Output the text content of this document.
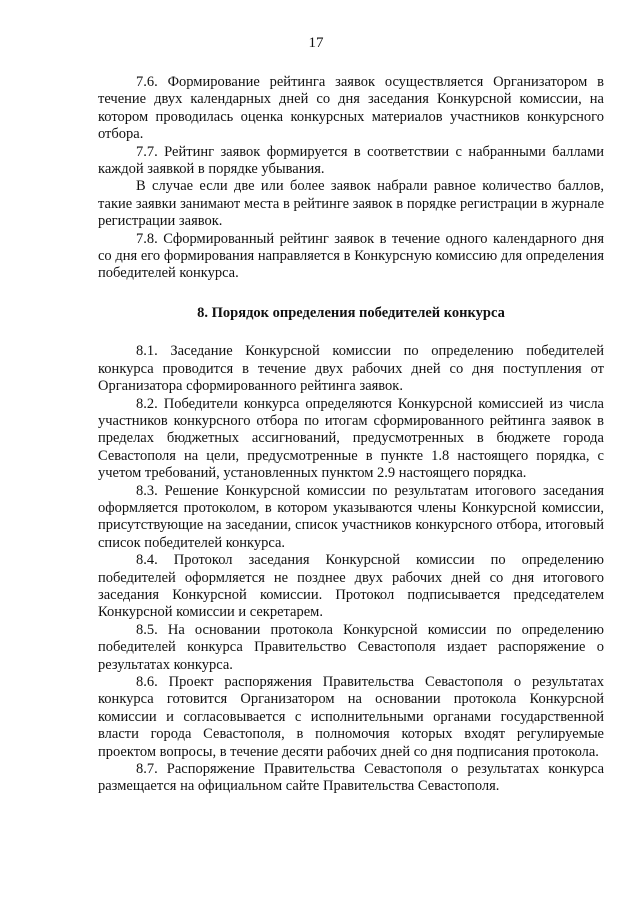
17

7.6. Формирование рейтинга заявок осуществляется Организатором в течение двух календарных дней со дня заседания Конкурсной комиссии, на котором проводилась оценка конкурсных материалов участников конкурсного отбора.

7.7. Рейтинг заявок формируется в соответствии с набранными баллами каждой заявкой в порядке убывания.

В случае если две или более заявок набрали равное количество баллов, такие заявки занимают места в рейтинге заявок в порядке регистрации в журнале регистрации заявок.

7.8. Сформированный рейтинг заявок в течение одного календарного дня со дня его формирования направляется в Конкурсную комиссию для определения победителей конкурса.

8. Порядок определения победителей конкурса

8.1. Заседание Конкурсной комиссии по определению победителей конкурса проводится в течение двух рабочих дней со дня поступления от Организатора сформированного рейтинга заявок.

8.2. Победители конкурса определяются Конкурсной комиссией из числа участников конкурсного отбора по итогам сформированного рейтинга заявок в пределах бюджетных ассигнований, предусмотренных в бюджете города Севастополя на цели, предусмотренные в пункте 1.8 настоящего порядка, с учетом требований, установленных пунктом 2.9 настоящего порядка.

8.3. Решение Конкурсной комиссии по результатам итогового заседания оформляется протоколом, в котором указываются члены Конкурсной комиссии, присутствующие на заседании, список участников конкурсного отбора, итоговый список победителей конкурса.

8.4. Протокол заседания Конкурсной комиссии по определению победителей оформляется не позднее двух рабочих дней со дня итогового заседания Конкурсной комиссии. Протокол подписывается председателем Конкурсной комиссии и секретарем.

8.5. На основании протокола Конкурсной комиссии по определению победителей конкурса Правительство Севастополя издает распоряжение о результатах конкурса.

8.6. Проект распоряжения Правительства Севастополя о результатах конкурса готовится Организатором на основании протокола Конкурсной комиссии и согласовывается с исполнительными органами государственной власти города Севастополя, в полномочия которых входят регулируемые проектом вопросы, в течение десяти рабочих дней со дня подписания протокола.

8.7. Распоряжение Правительства Севастополя о результатах конкурса размещается на официальном сайте Правительства Севастополя.
